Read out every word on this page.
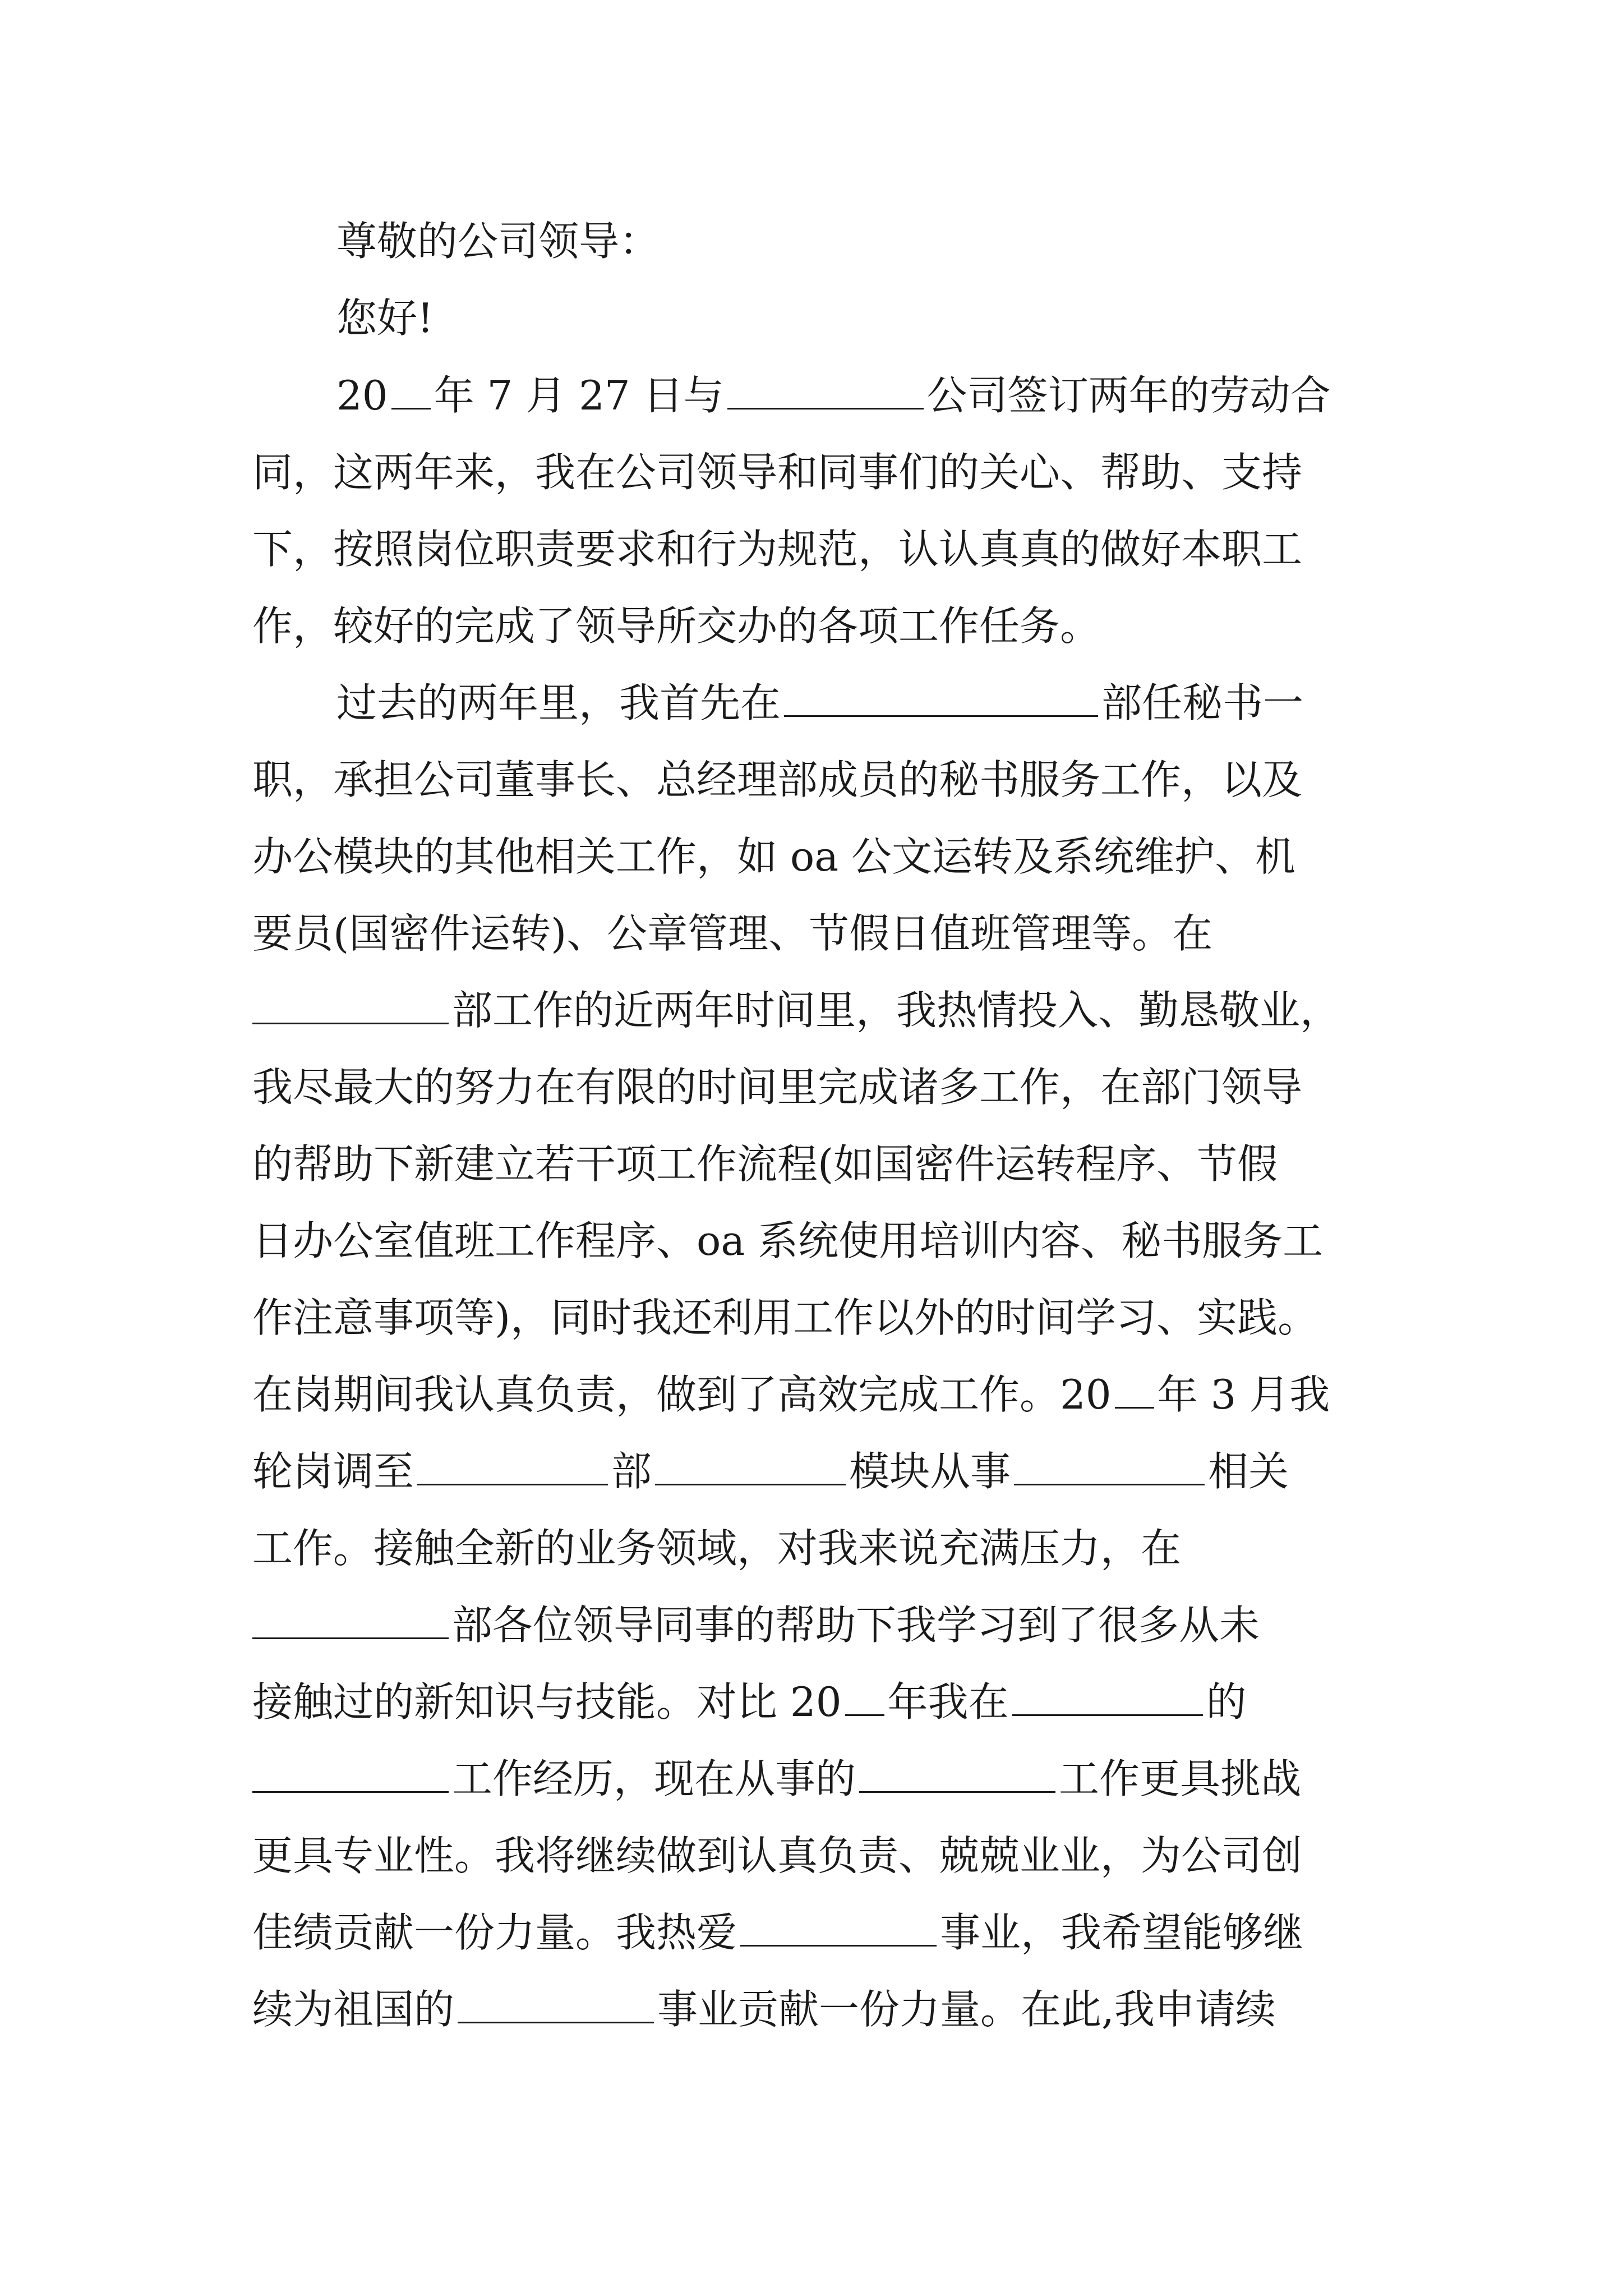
尊敬的公司领导：
您好!
20 年 7 月 27 日与	公司签订两年的劳动合
同，这两年来，我在公司领导和同事们的关心、帮助、支持
下，按照岗位职责要求和行为规范，认认真真的做好本职工
作，较好的完成了领导所交办的各项工作任务。
过去的两年里，我首先在	部任秘书一
职，承担公司董事长、总经理部成员的秘书服务工作，以及
办公模块的其他相关工作，如 oa 公文运转及系统维护、机
要员(国密件运转)、公章管理、节假日值班管理等。在
部工作的近两年时间里，我热情投入、勤恳敬业，
我尽最大的努力在有限的时间里完成诸多工作，在部门领导
的帮助下新建立若干项工作流程(如国密件运转程序、节假
日办公室值班工作程序、oa 系统使用培训内容、秘书服务工
作注意事项等)，同时我还利用工作以外的时间学习、实践。
在岗期间我认真负责，做到了高效完成工作。20 年 3 月我
轮岗调至	部	模块从事	相关
工作。接触全新的业务领域，对我来说充满压力，在
部各位领导同事的帮助下我学习到了很多从未
接触过的新知识与技能。对比 20 年我在	的
工作经历，现在从事的	工作更具挑战
更具专业性。我将继续做到认真负责、兢兢业业，为公司创
佳绩贡献一份力量。我热爱	事业，我希望能够继
续为祖国的	事业贡献一份力量。在此,我申请续
